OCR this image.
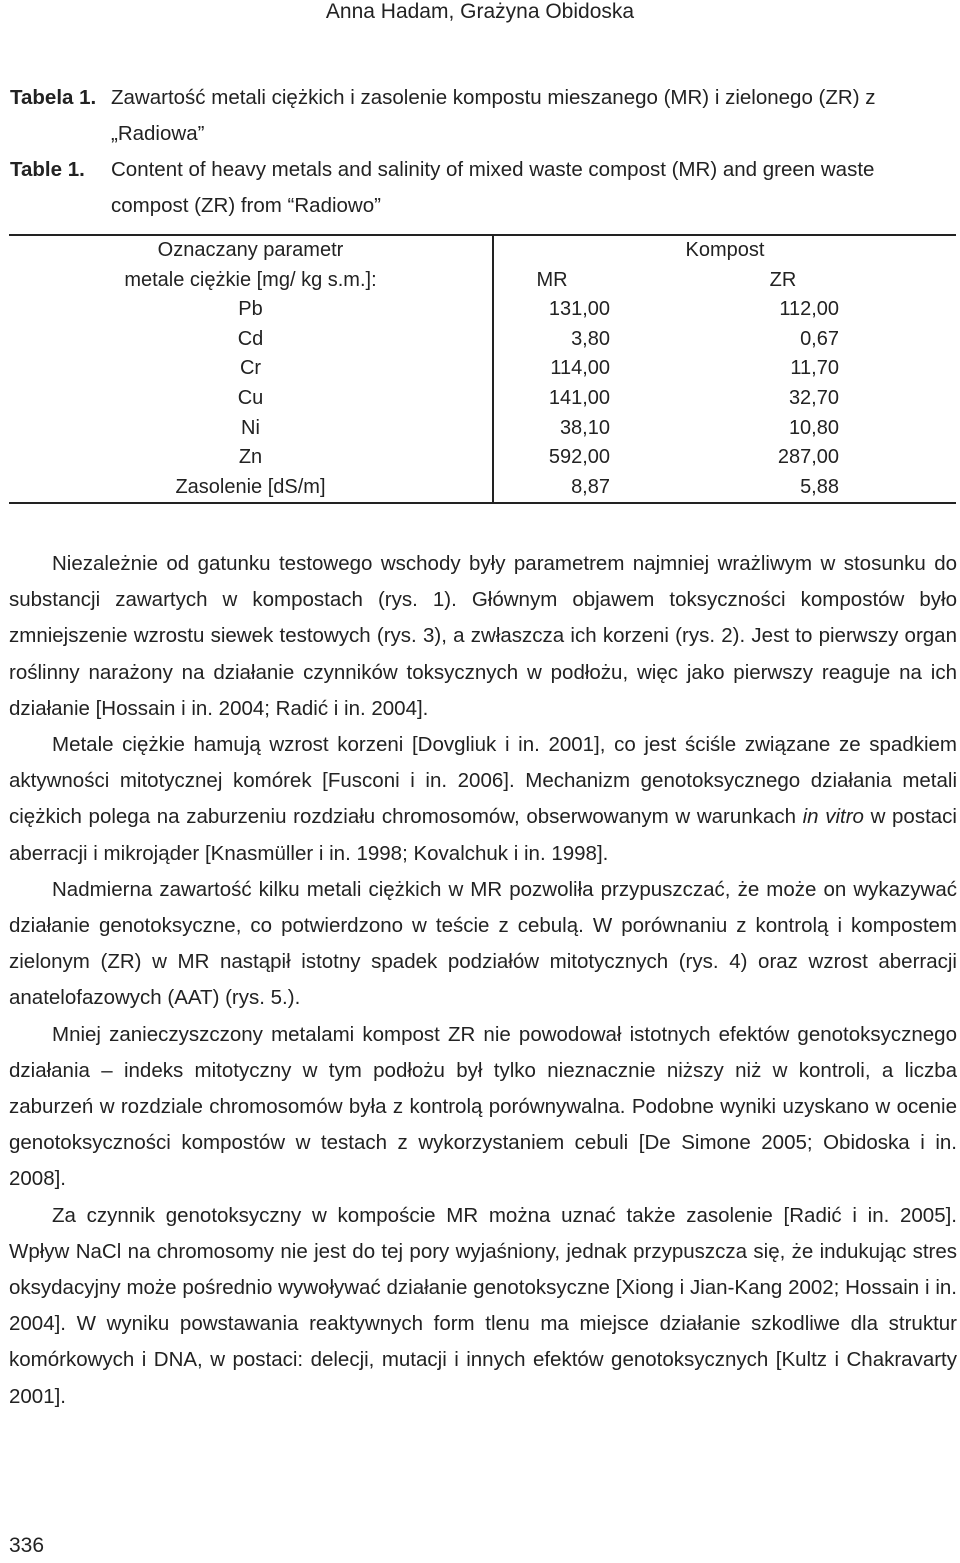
Anna Hadam, Grażyna Obidoska
Tabela 1. Zawartość metali ciężkich i zasolenie kompostu mieszanego (MR) i zielonego (ZR) z „Radiowa”
Table 1. Content of heavy metals and salinity of mixed waste compost (MR) and green waste compost (ZR) from “Radiowo”
Oznaczany parametr	Kompost	
metale ciężkie [mg/ kg s.m.]:	MR	ZR
Pb	131,00	112,00
Cd	3,80	0,67
Cr	114,00	11,70
Cu	141,00	32,70
Ni	38,10	10,80
Zn	592,00	287,00
Zasolenie [dS/m]	8,87	5,88

Niezależnie od gatunku testowego wschody były parametrem najmniej wrażliwym w stosunku do substancji zawartych w kompostach (rys. 1). Głównym objawem toksyczności kompostów było zmniejszenie wzrostu siewek testowych (rys. 3), a zwłaszcza ich korzeni (rys. 2). Jest to pierwszy organ roślinny narażony na działanie czynników toksycznych w podłożu, więc jako pierwszy reaguje na ich działanie [Hossain i in. 2004; Radić i in. 2004].

Metale ciężkie hamują wzrost korzeni [Dovgliuk i in. 2001], co jest ściśle związane ze spadkiem aktywności mitotycznej komórek [Fusconi i in. 2006]. Mechanizm genotoksycznego działania metali ciężkich polega na zaburzeniu rozdziału chromosomów, obserwowanym w warunkach in vitro w postaci aberracji i mikrojąder [Knasmüller i in. 1998; Kovalchuk i in. 1998].

Nadmierna zawartość kilku metali ciężkich w MR pozwoliła przypuszczać, że może on wykazywać działanie genotoksyczne, co potwierdzono w teście z cebulą. W porównaniu z kontrolą i kompostem zielonym (ZR) w MR nastąpił istotny spadek podziałów mitotycznych (rys. 4) oraz wzrost aberracji anatelofazowych (AAT) (rys. 5.).

Mniej zanieczyszczony metalami kompost ZR nie powodował istotnych efektów genotoksycznego działania – indeks mitotyczny w tym podłożu był tylko nieznacznie niższy niż w kontroli, a liczba zaburzeń w rozdziale chromosomów była z kontrolą porównywalna. Podobne wyniki uzyskano w ocenie genotoksyczności kompostów w testach z wykorzystaniem cebuli [De Simone 2005; Obidoska i in. 2008].

Za czynnik genotoksyczny w kompoście MR można uznać także zasolenie [Radić i in. 2005]. Wpływ NaCl na chromosomy nie jest do tej pory wyjaśniony, jednak przypuszcza się, że indukując stres oksydacyjny może pośrednio wywoływać działanie genotoksyczne [Xiong i Jian-Kang 2002; Hossain i in. 2004]. W wyniku powstawania reaktywnych form tlenu ma miejsce działanie szkodliwe dla struktur komórkowych i DNA, w postaci: delecji, mutacji i innych efektów genotoksycznych [Kultz i Chakravarty 2001].

336
